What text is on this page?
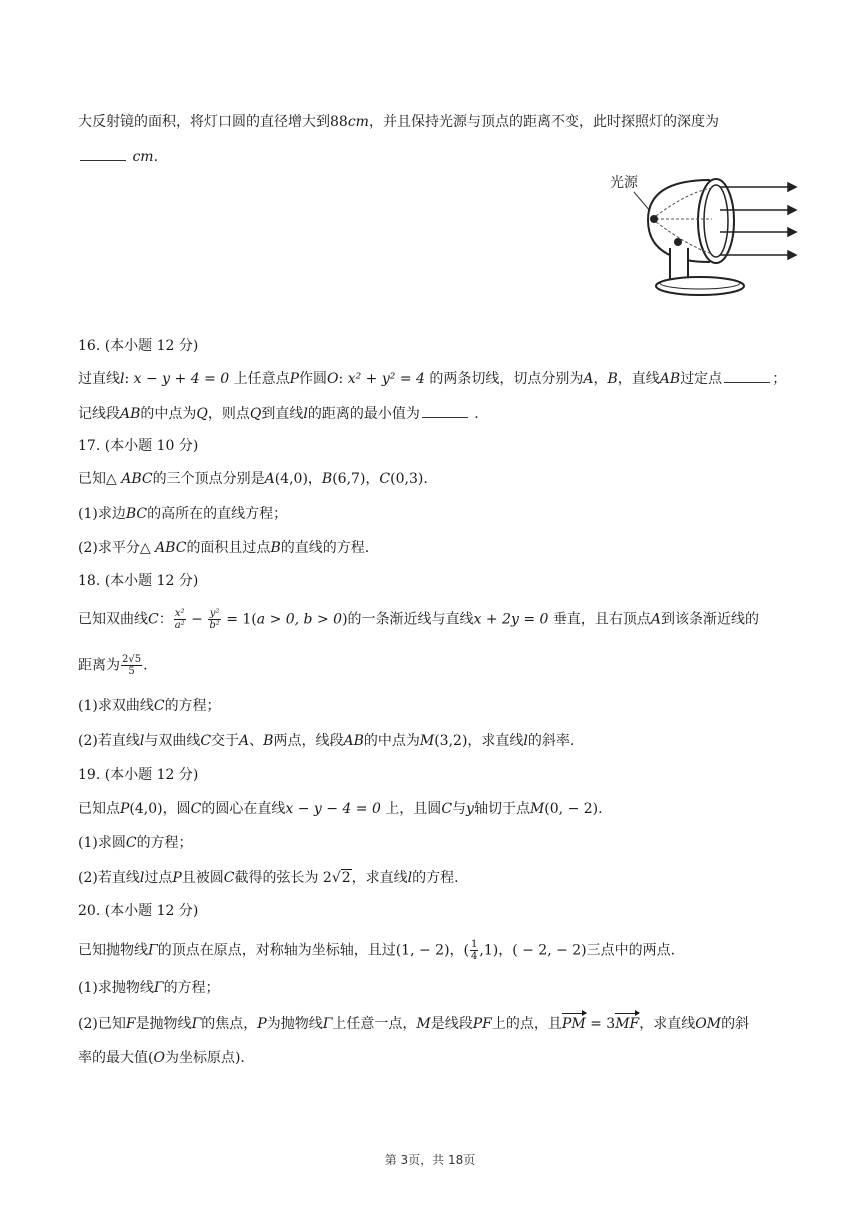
大反射镜的面积，将灯口圆的直径增大到88cm，并且保持光源与顶点的距离不变，此时探照灯的深度为
cm.
光源
16. (本小题 12 分)
过直线l: x − y + 4 = 0 上任意点P作圆O: x² + y² = 4 的两条切线，切点分别为A，B，直线AB过定点	；
记线段AB的中点为Q，则点Q到直线l的距离的最小值为	.
17. (本小题 10 分)
已知△ ABC的三个顶点分别是A(4,0)，B(6,7)，C(0,3).
(1)求边BC的高所在的直线方程；
(2)求平分△ ABC的面积且过点B的直线的方程.
18. (本小题 12 分)
已知双曲线C： $\frac{\text{x²}}{\text{a²}} - \frac{\text{y²}}{\text{b²}} = 1(a > 0$, b > 0)的一条渐近线与直线x + 2y = 0 垂直，且右顶点A到该条渐近线的
距离为 $\frac{2√5}{5}$ .
(1)求双曲线C的方程；
(2)若直线l与双曲线C交于A、B两点，线段AB的中点为M(3,2)，求直线l的斜率.
19. (本小题 12 分)
已知点P(4,0)，圆C的圆心在直线x − y − 4 = 0 上，且圆C与y轴切于点M(0, − 2).
(1)求圆C的方程；
(2)若直线l过点P且被圆C截得的弦长为 2√2，求直线l的方程.
20. (本小题 12 分)
已知抛物线Γ的顶点在原点，对称轴为坐标轴，且过(1, − 2)，( $\frac{1}{4} ,1$)，( − 2, − 2)三点中的两点.
(1)求抛物线Γ的方程；
(2)已知F是抛物线Γ的焦点，P为抛物线Γ上任意一点，M是线段PF上的点，且PM = 3MF，求直线OM的斜
率的最大值(O为坐标原点).
第 3页，共 18页
